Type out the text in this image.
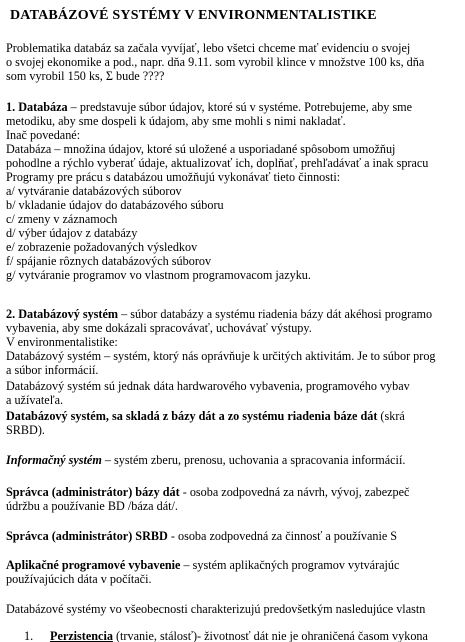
DATABÁZOVÉ SYSTÉMY V ENVIRONMENTALISTIKE
Problematika databáz sa začala vyvíjať, lebo všetci chceme mať evidenciu o svojej
o svojej ekonomike a pod., napr. dňa 9.11. som vyrobil klince v množstve 100 ks, dňa
som vyrobil 150 ks, Σ bude ????
1. Databáza – predstavuje súbor údajov, ktoré sú v systéme. Potrebujeme, aby sme
metodiku, aby sme dospeli k údajom, aby sme mohli s nimi nakladať.
Inač povedané:
Databáza – množina údajov, ktoré sú uložené a usporiadané spôsobom umožňuj
pohodlne a rýchlo vyberať údaje, aktualizovať ich, doplňať, prehľadávať a inak spracu
Programy pre prácu s databázou umožňujú vykonávať tieto činnosti:
a/ vytváranie databázových súborov
b/ vkladanie údajov do databázového súboru
c/ zmeny v záznamoch
d/ výber údajov z databázy
e/ zobrazenie požadovaných výsledkov
f/ spájanie rôznych databázových súborov
g/ vytváranie programov vo vlastnom programovacom jazyku.
2. Databázový systém – súbor databázy a systému riadenia bázy dát akéhosi programo
vybavenia, aby sme dokázali spracovávať, uchovávať výstupy.
V environmentalistike:
Databázový systém – systém, ktorý nás oprávňuje k určitých aktivitám. Je to súbor prog
a súbor informácií.
Databázový systém sú jednak dáta hardwarového vybavenia, programového vybav
a užívateľa.
Databázový systém, sa skladá z bázy dát a zo systému riadenia báze dát (skrá
SRBD).
Informačný systém – systém zberu, prenosu, uchovania a spracovania informácií.
Správca (administrátor) bázy dát - osoba zodpovedná za návrh, vývoj, zabezpeč
údržbu a používanie BD /báza dát/.
Správca (administrátor) SRBD - osoba zodpovedná za činnosť a používanie S
Aplikačné programové vybavenie – systém aplikačných programov vytvárajúc
používajúcich dáta v počítači.
Databázové systémy vo všeobecnosti charakterizujú predovšetkým nasledujúce vlastn
1. Perzistencia (trvanie, stálosť)- životnosť dát nie je ohraničená časom vykona
